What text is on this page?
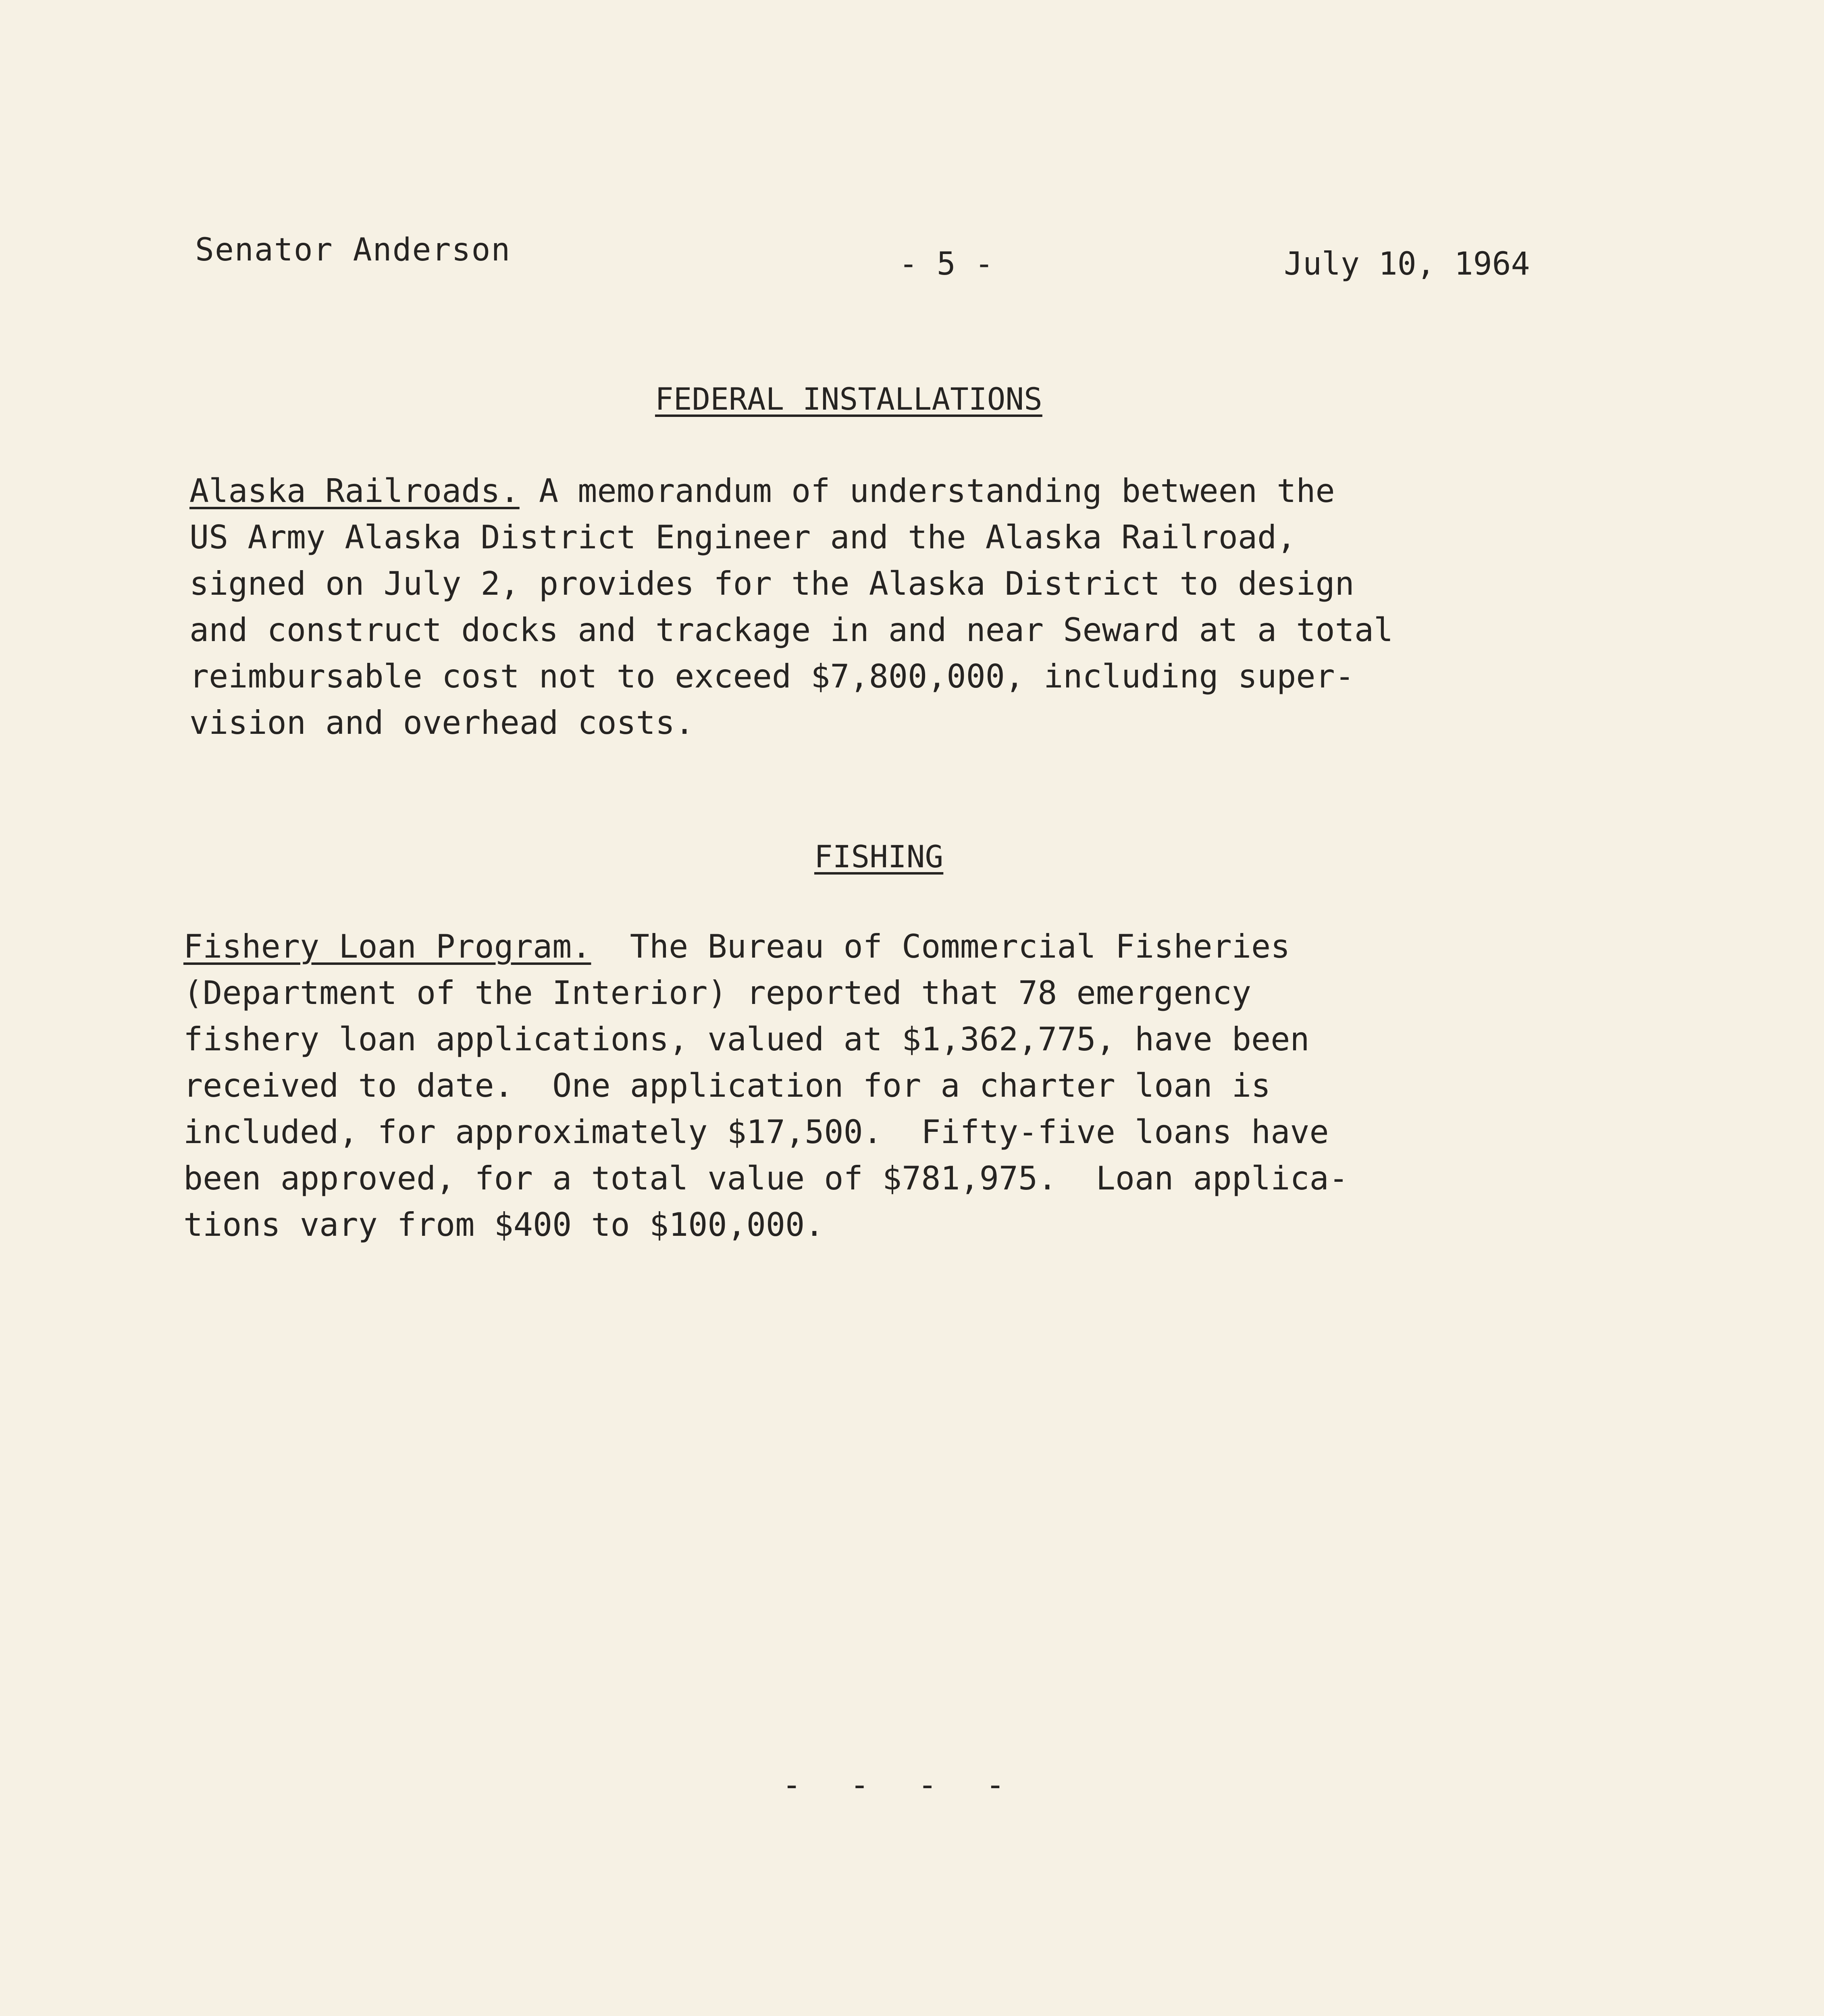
Senator Anderson	- 5 -	July 10, 1964
FEDERAL INSTALLATIONS
Alaska Railroads. A memorandum of understanding between the
US Army Alaska District Engineer and the Alaska Railroad,
signed on July 2, provides for the Alaska District to design
and construct docks and trackage in and near Seward at a total
reimbursable cost not to exceed $7,800,000, including super-
vision and overhead costs.
FISHING
Fishery Loan Program.  The Bureau of Commercial Fisheries
(Department of the Interior) reported that 78 emergency
fishery loan applications, valued at $1,362,775, have been
received to date.  One application for a charter loan is
included, for approximately $17,500.  Fifty-five loans have
been approved, for a total value of $781,975.  Loan applica-
tions vary from $400 to $100,000.
- - - -
